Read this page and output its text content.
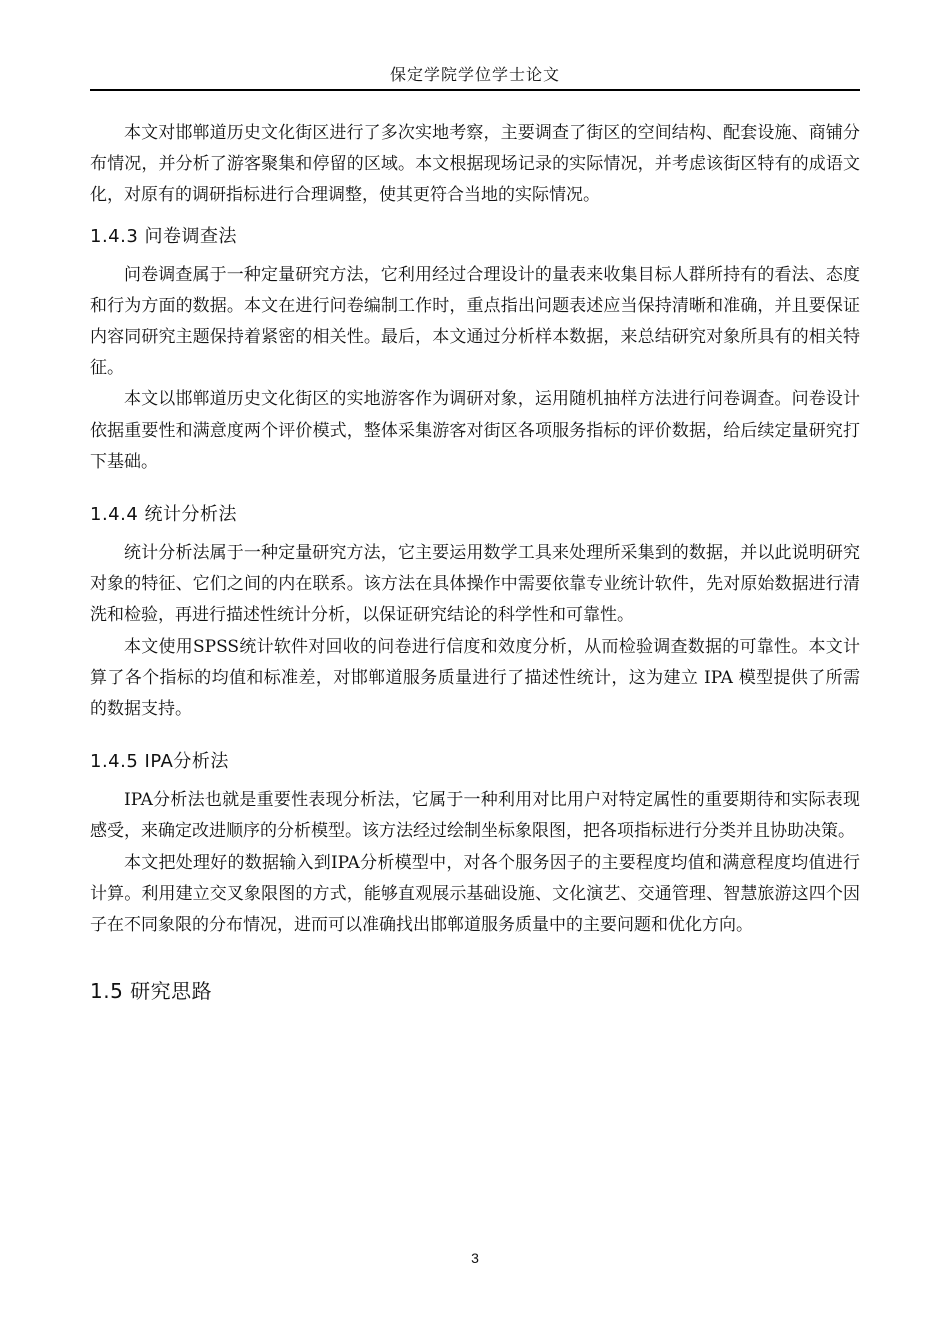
保定学院学位学士论文

本文对邯郸道历史文化街区进行了多次实地考察，主要调查了街区的空间结构、配套设施、商铺分布情况，并分析了游客聚集和停留的区域。本文根据现场记录的实际情况，并考虑该街区特有的成语文化，对原有的调研指标进行合理调整，使其更符合当地的实际情况。

1.4.3 问卷调查法

问卷调查属于一种定量研究方法，它利用经过合理设计的量表来收集目标人群所持有的看法、态度和行为方面的数据。本文在进行问卷编制工作时，重点指出问题表述应当保持清晰和准确，并且要保证内容同研究主题保持着紧密的相关性。最后，本文通过分析样本数据，来总结研究对象所具有的相关特征。

本文以邯郸道历史文化街区的实地游客作为调研对象，运用随机抽样方法进行问卷调查。问卷设计依据重要性和满意度两个评价模式，整体采集游客对街区各项服务指标的评价数据，给后续定量研究打下基础。

1.4.4 统计分析法

统计分析法属于一种定量研究方法，它主要运用数学工具来处理所采集到的数据，并以此说明研究对象的特征、它们之间的内在联系。该方法在具体操作中需要依靠专业统计软件，先对原始数据进行清洗和检验，再进行描述性统计分析，以保证研究结论的科学性和可靠性。

本文使用SPSS统计软件对回收的问卷进行信度和效度分析，从而检验调查数据的可靠性。本文计算了各个指标的均值和标准差，对邯郸道服务质量进行了描述性统计，这为建立 IPA 模型提供了所需的数据支持。

1.4.5 IPA分析法

IPA分析法也就是重要性表现分析法，它属于一种利用对比用户对特定属性的重要期待和实际表现感受，来确定改进顺序的分析模型。该方法经过绘制坐标象限图，把各项指标进行分类并且协助决策。

本文把处理好的数据输入到IPA分析模型中，对各个服务因子的主要程度均值和满意程度均值进行计算。利用建立交叉象限图的方式，能够直观展示基础设施、文化演艺、交通管理、智慧旅游这四个因子在不同象限的分布情况，进而可以准确找出邯郸道服务质量中的主要问题和优化方向。

1.5 研究思路
3
